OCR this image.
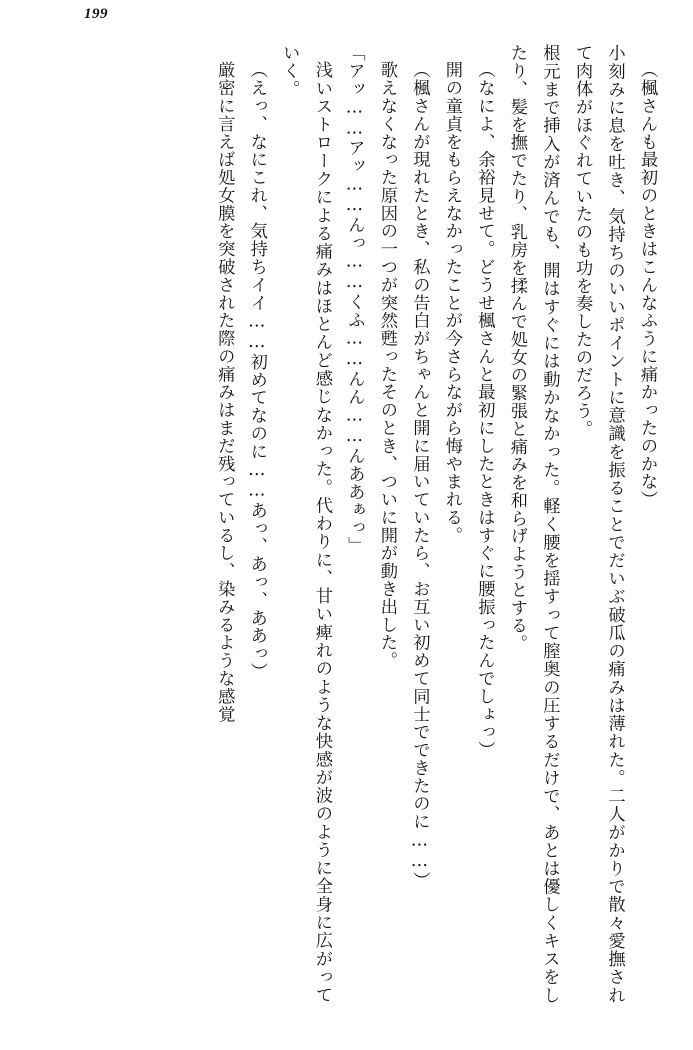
199

（楓さんも最初のときはこんなふうに痛かったのかな）

小刻みに息を吐き、気持ちのいいポイントに意識を振ることでだいぶ破瓜の痛みは薄れた。二人がかりで散々愛撫されて肉体がほぐれていたのも功を奏したのだろう。

根元まで挿入が済んでも、開はすぐには動かなかった。軽く腰を揺すって膣奥の圧するだけで、あとは優しくキスをしたり、髪を撫でたり、乳房を揉んで処女の緊張と痛みを和らげようとする。

（なによ、余裕見せて。どうせ楓さんと最初にしたときはすぐに腰振ったんでしょっ）

開の童貞をもらえなかったことが今さらながら悔やまれる。

（楓さんが現れたとき、私の告白がちゃんと開に届いていたら、お互い初めて同士でできたのに……）

歌えなくなった原因の一つが突然甦ったそのとき、ついに開が動き出した。

「アッ……アッ……んっ……くふ……んん……んああぁっ」

浅いストロークによる痛みはほとんど感じなかった。代わりに、甘い痺れのような快感が波のように全身に広がっていく。

（えっ、なにこれ、気持ちイイ……初めてなのに……あっ、あっ、ああっ）

厳密に言えば処女膜を突破された際の痛みはまだ残っているし、染みるような感覚
